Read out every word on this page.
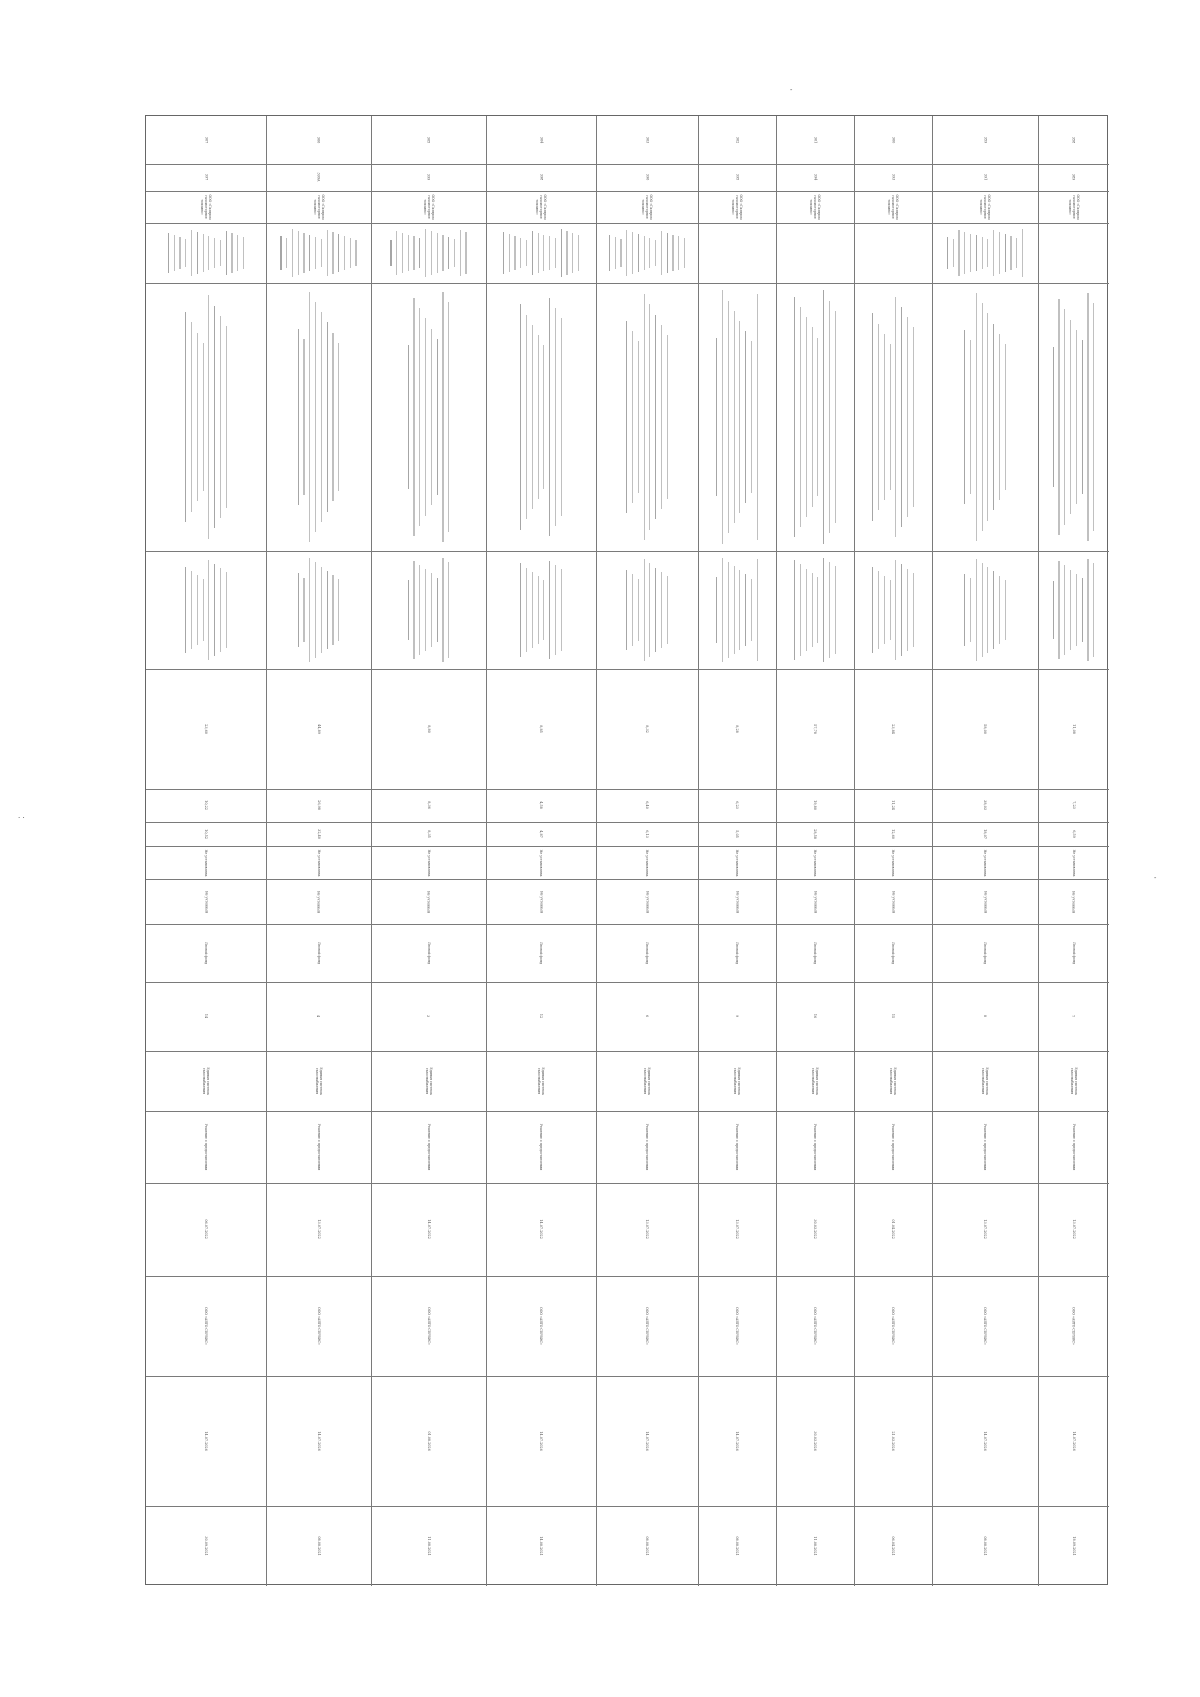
-
-
. .
358
389
ООО «Газпром газомоторное топливо»
11,08
7,23
6,59
Не установлена
Не учтенный
Лесной фонд
7
Единая система газоснабжения
Решение о предоставлении
13.07.2022
ООО «АВТО СЕРВИС»
14.07.2026
18.09.2021
359
391
ООО «Газпром газомоторное топливо»
58,00
38,03
18,07
Не установлена
Не учтенный
Лесной фонд
8
Единая система газоснабжения
Решение о предоставлении
13.07.2022
ООО «АВТО СЕРВИС»
14.07.2026
08.08.2021
360
393
ООО «Газпром газомоторное топливо»
23,84
11,24
12,60
Не установлена
Не учтенный
Лесной фонд
15
Единая система газоснабжения
Решение о предоставлении
01.04.2022
ООО «АВТО СЕРВИС»
21.03.2026
06.04.2021
361
394
ООО «Газпром газомоторное топливо»
57,78
19,80
28,58
Не установлена
Не учтенный
Лесной фонд
16
Единая система газоснабжения
Решение о предоставлении
30.03.2022
ООО «АВТО СЕРВИС»
30.03.2026
11.08.2021
362
395
ООО «Газпром газомоторное топливо»
8,28
6,23
5,05
Не установлена
Не учтенный
Лесной фонд
9
Единая система газоснабжения
Решение о предоставлении
13.07.2022
ООО «АВТО СЕРВИС»
14.07.2026
08.08.2021
363
396
ООО «Газпром газомоторное топливо»
8,32
6,40
6,13
Не установлена
Не учтенный
Лесной фонд
6
Единая система газоснабжения
Решение о предоставлении
13.07.2022
ООО «АВТО СЕРВИС»
14.07.2026
08.08.2021
364
398
ООО «Газпром газомоторное топливо»
8,85
4,58
4,87
Не установлена
Не учтенный
Лесной фонд
12
Единая система газоснабжения
Решение о предоставлении
14.07.2022
ООО «АВТО СЕРВИС»
14.07.2026
14.08.2021
365
399
ООО «Газпром газомоторное топливо»
8,80
8,36
8,35
Не установлена
Не учтенный
Лесной фонд
3
Единая система газоснабжения
Решение о предоставлении
14.07.2022
ООО «АВТО СЕРВИС»
01.08.2026
11.08.2021
366
399А
ООО «Газпром газомоторное топливо»
44,89
26,98
32,40
Не установлена
Не учтенный
Лесной фонд
4
Единая система газоснабжения
Решение о предоставлении
13.07.2022
ООО «АВТО СЕРВИС»
14.07.2026
08.08.2021
367
397
ООО «Газпром газомоторное топливо»
23,60
10,22
10,52
Не установлена
Не учтенный
Лесной фонд
14
Единая система газоснабжения
Решение о предоставлении
06.07.2022
ООО «АВТО СЕРВИС»
14.07.2026
30.09.2021
